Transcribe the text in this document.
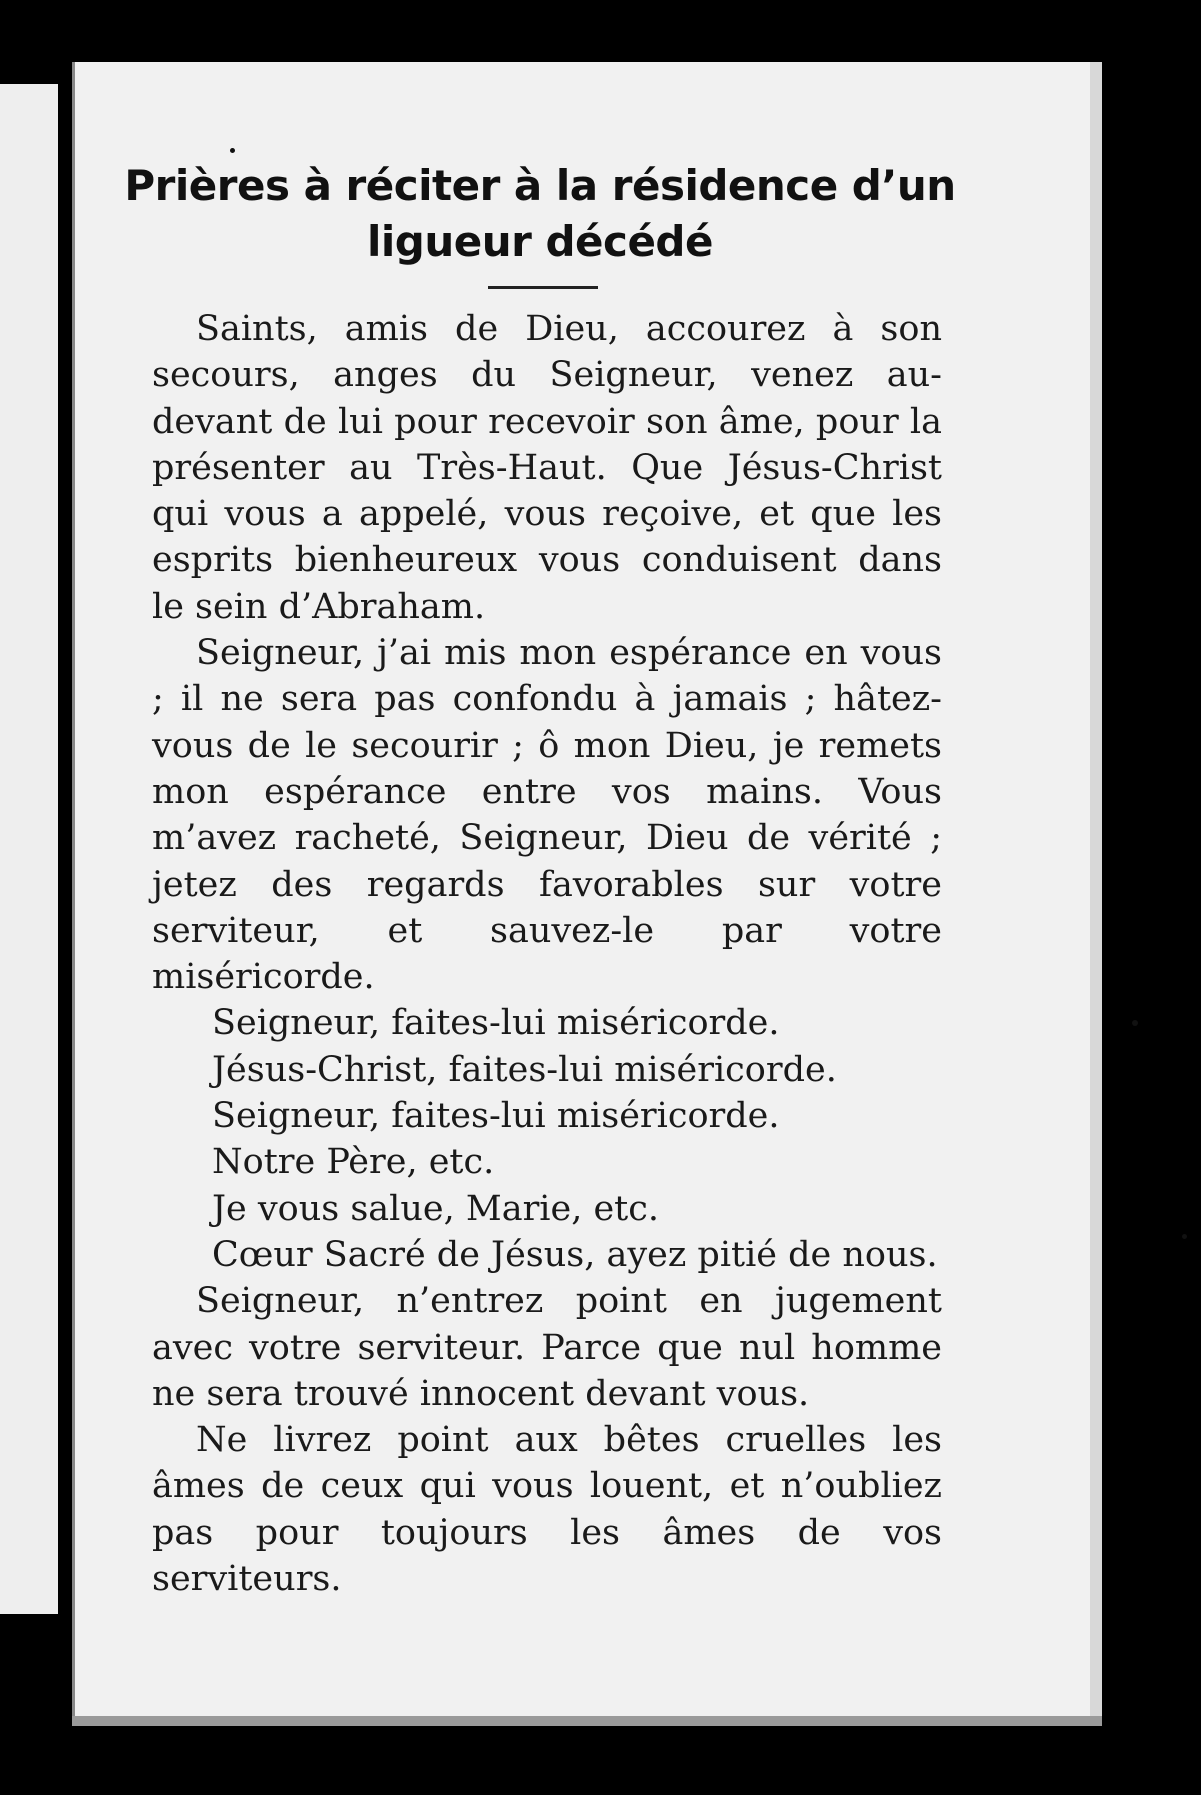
Prières à réciter à la résidence d’un ligueur décédé

Saints, amis de Dieu, accourez à son secours, anges du Seigneur, venez au-devant de lui pour recevoir son âme, pour la présenter au Très-Haut. Que Jésus-Christ qui vous a appelé, vous reçoive, et que les esprits bienheureux vous conduisent dans le sein d’Abraham.

Seigneur, j’ai mis mon espérance en vous ; il ne sera pas confondu à jamais ; hâtez-vous de le secourir ; ô mon Dieu, je remets mon espérance entre vos mains. Vous m’avez racheté, Seigneur, Dieu de vérité ; jetez des regards favorables sur votre serviteur, et sauvez-le par votre miséricorde.

Seigneur, faites-lui miséricorde.

Jésus-Christ, faites-lui miséricorde.

Seigneur, faites-lui miséricorde.

Notre Père, etc.

Je vous salue, Marie, etc.

Cœur Sacré de Jésus, ayez pitié de nous.

Seigneur, n’entrez point en jugement avec votre serviteur. Parce que nul homme ne sera trouvé innocent devant vous.

Ne livrez point aux bêtes cruelles les âmes de ceux qui vous louent, et n’oubliez pas pour toujours les âmes de vos serviteurs.
